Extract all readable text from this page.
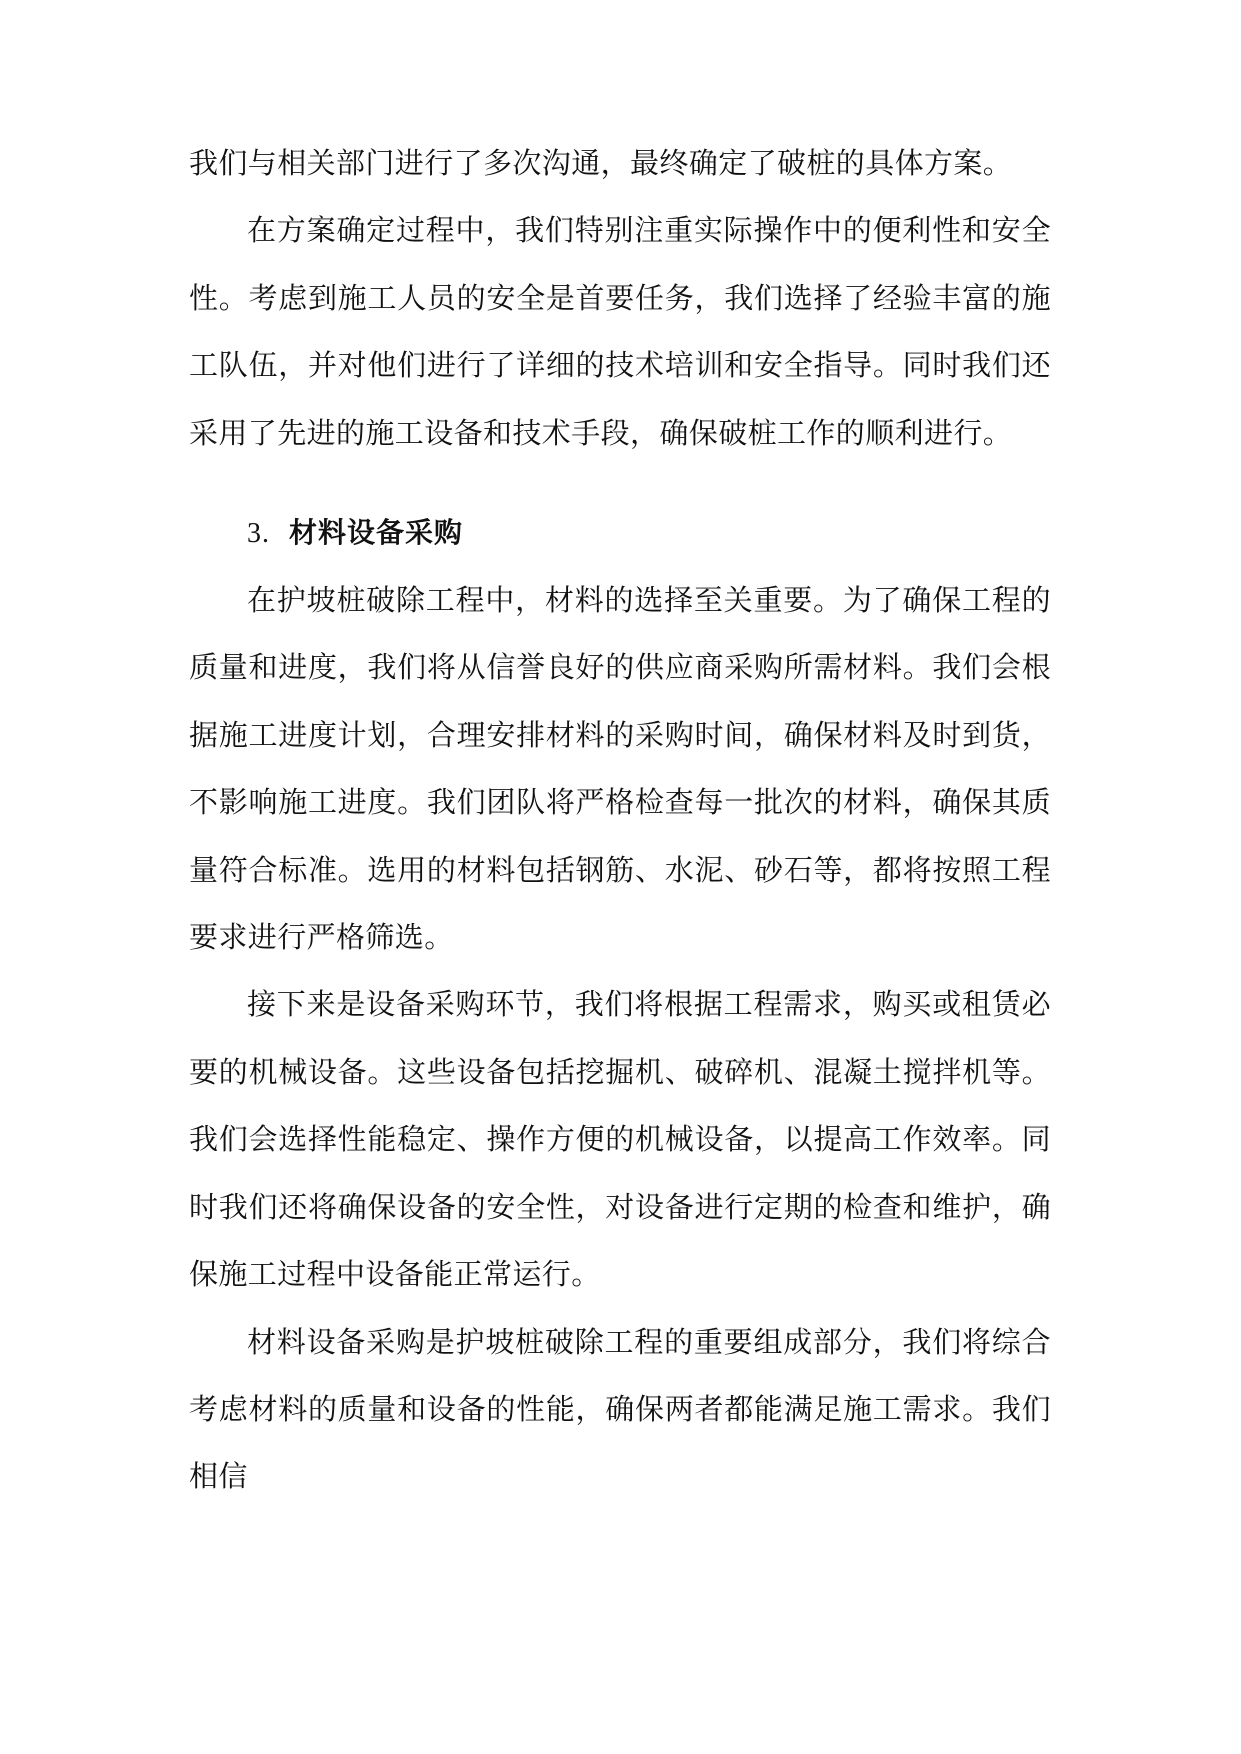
我们与相关部门进行了多次沟通，最终确定了破桩的具体方案。

在方案确定过程中，我们特别注重实际操作中的便利性和安全性。考虑到施工人员的安全是首要任务，我们选择了经验丰富的施工队伍，并对他们进行了详细的技术培训和安全指导。同时我们还采用了先进的施工设备和技术手段，确保破桩工作的顺利进行。

3. 材料设备采购

在护坡桩破除工程中，材料的选择至关重要。为了确保工程的质量和进度，我们将从信誉良好的供应商采购所需材料。我们会根据施工进度计划，合理安排材料的采购时间，确保材料及时到货，不影响施工进度。我们团队将严格检查每一批次的材料，确保其质量符合标准。选用的材料包括钢筋、水泥、砂石等，都将按照工程要求进行严格筛选。

接下来是设备采购环节，我们将根据工程需求，购买或租赁必要的机械设备。这些设备包括挖掘机、破碎机、混凝土搅拌机等。我们会选择性能稳定、操作方便的机械设备，以提高工作效率。同时我们还将确保设备的安全性，对设备进行定期的检查和维护，确保施工过程中设备能正常运行。

材料设备采购是护坡桩破除工程的重要组成部分，我们将综合考虑材料的质量和设备的性能，确保两者都能满足施工需求。我们相信
